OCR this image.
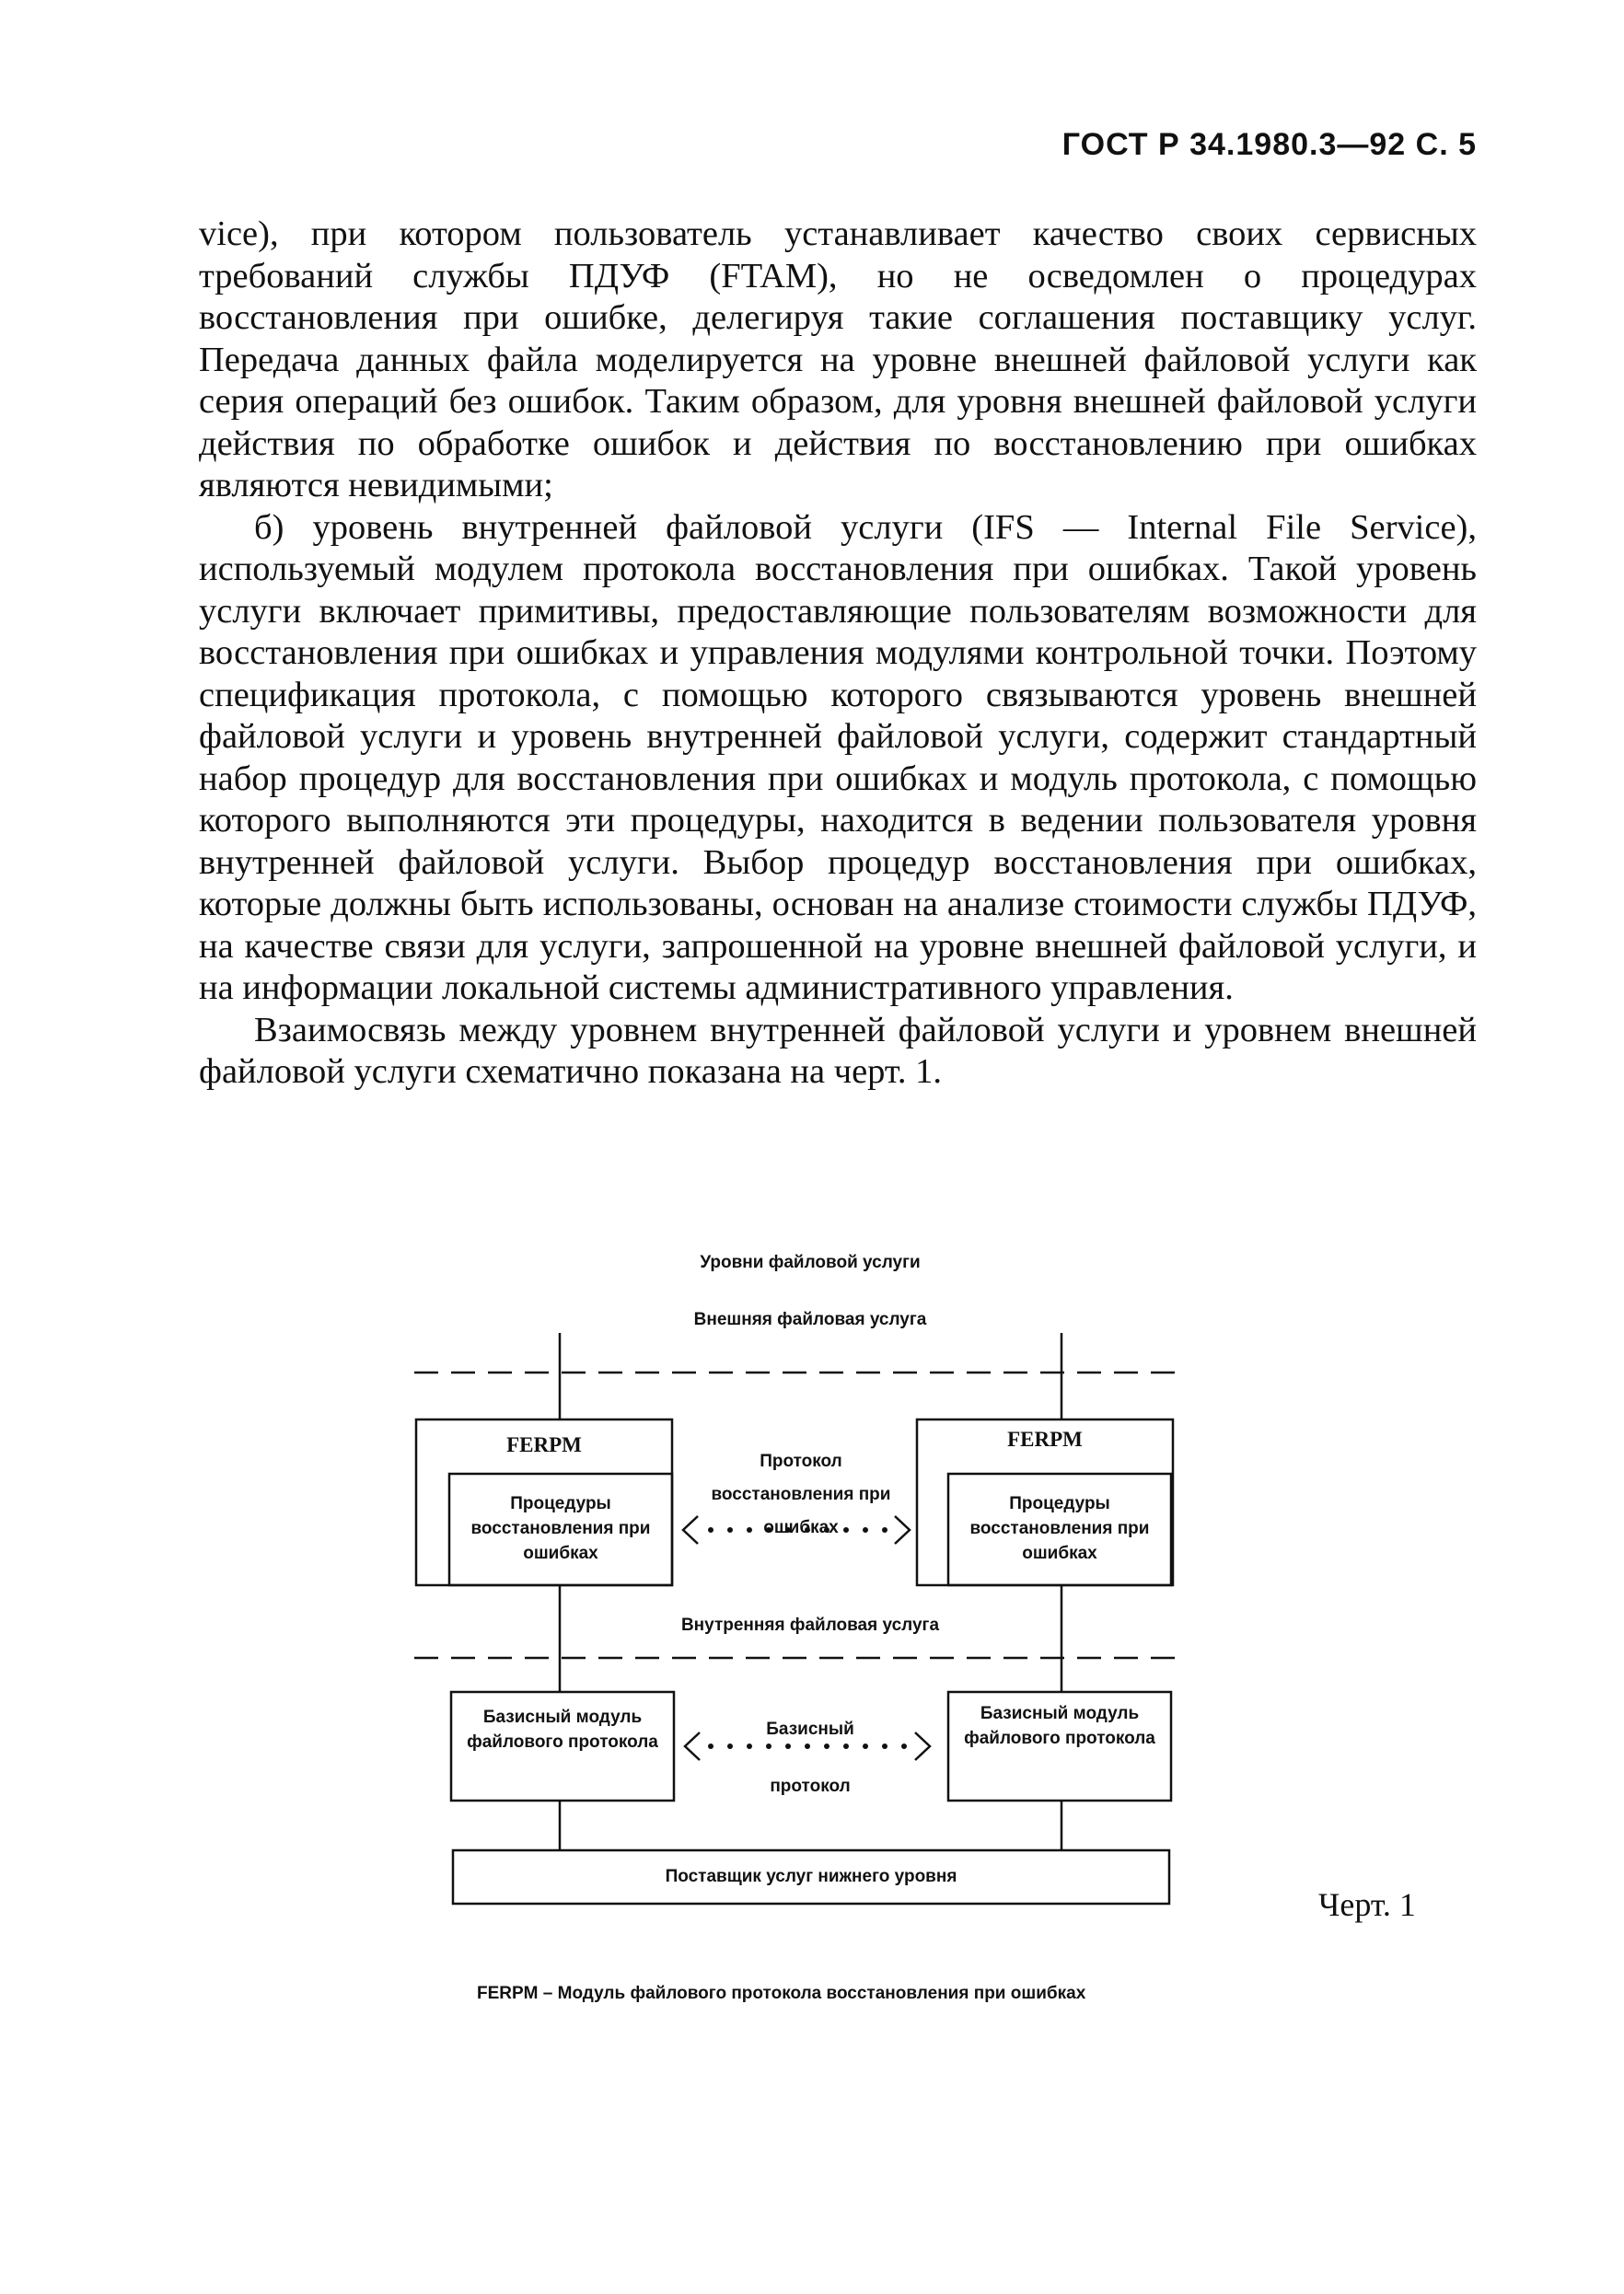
ГОСТ Р 34.1980.3—92 С. 5

vice), при котором пользователь устанавливает качество своих сервисных требований службы ПДУФ (FTAM), но не осведомлен о процедурах восстановления при ошибке, делегируя такие соглашения поставщику услуг. Передача данных файла моделируется на уровне внешней файловой услуги как серия операций без ошибок. Таким образом, для уровня внешней файловой услуги действия по обработке ошибок и действия по восстановлению при ошибках являются невидимыми;

б) уровень внутренней файловой услуги (IFS — Internal File Service), используемый модулем протокола восстановления при ошибках. Такой уровень услуги включает примитивы, предоставляющие пользователям возможности для восстановления при ошибках и управления модулями контрольной точки. Поэтому спецификация протокола, с помощью которого связываются уровень внешней файловой услуги и уровень внутренней файловой услуги, содержит стандартный набор процедур для восстановления при ошибках и модуль протокола, с помощью которого выполняются эти процедуры, находится в ведении пользователя уровня внутренней файловой услуги. Выбор процедур восстановления при ошибках, которые должны быть использованы, основан на анализе стоимости службы ПДУФ, на качестве связи для услуги, запрошенной на уровне внешней файловой услуги, и на информации локальной системы административного управления.

Взаимосвязь между уровнем внутренней файловой услуги и уровнем внешней файловой услуги схематично показана на черт. 1.

Уровни файловой услуги
Внешняя файловая услуга
FERPM	FERPM
Процедуры восстановления при ошибках
Процедуры восстановления при ошибках
Протокол восстановления при ошибках
Внутренняя файловая услуга
Базисный модуль файлового протокола
Базисный модуль файлового протокола
Базисный протокол
Поставщик услуг нижнего уровня
Черт. 1
FERPM – Модуль файлового протокола восстановления при ошибках
